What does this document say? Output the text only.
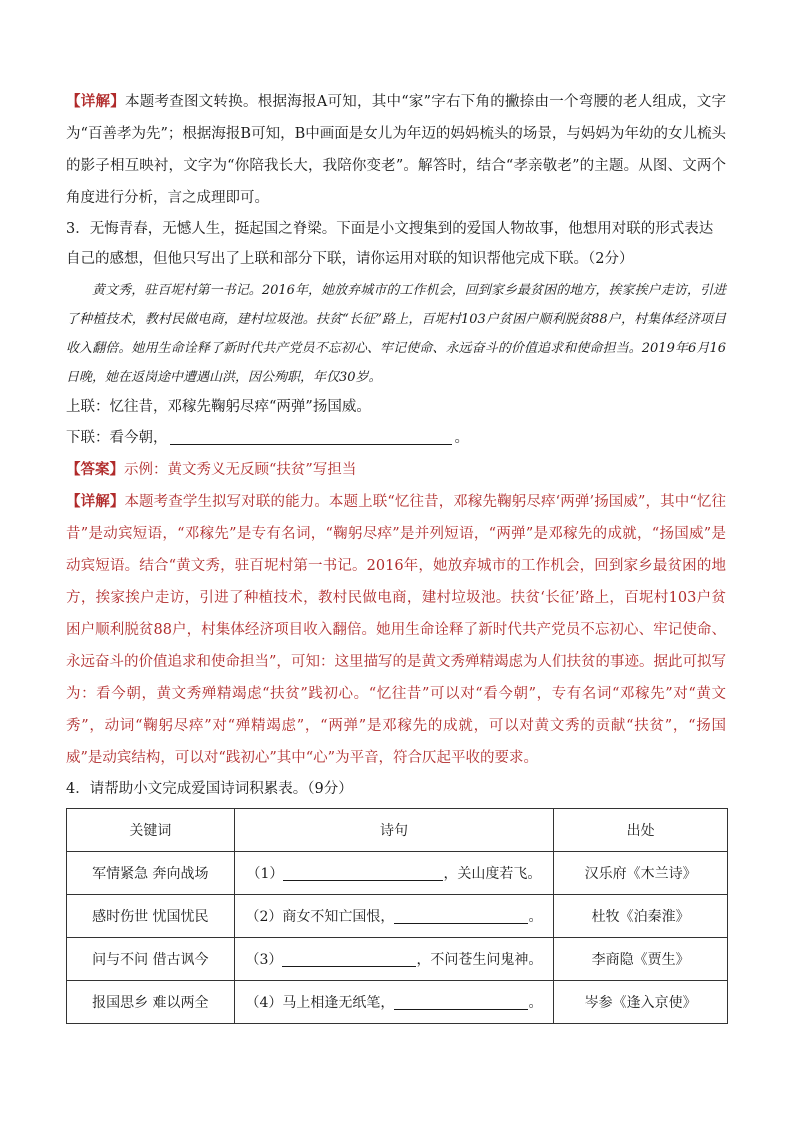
【详解】本题考查图文转换。根据海报A可知，其中“家”字右下角的撇捺由一个弯腰的老人组成，文字为“百善孝为先”；根据海报B可知，B中画面是女儿为年迈的妈妈梳头的场景，与妈妈为年幼的女儿梳头的影子相互映衬，文字为“你陪我长大，我陪你变老”。解答时，结合“孝亲敬老”的主题。从图、文两个角度进行分析，言之成理即可。

3．无悔青春，无憾人生，挺起国之脊梁。下面是小文搜集到的爱国人物故事，他想用对联的形式表达自己的感想，但他只写出了上联和部分下联，请你运用对联的知识帮他完成下联。（2分）

黄文秀，驻百坭村第一书记。2016年，她放弃城市的工作机会，回到家乡最贫困的地方，挨家挨户走访，引进了种植技术，教村民做电商，建村垃圾池。扶贫“长征”路上，百坭村103户贫困户顺利脱贫88户，村集体经济项目收入翻倍。她用生命诠释了新时代共产党员不忘初心、牢记使命、永远奋斗的价值追求和使命担当。2019年6月16日晚，她在返岗途中遭遇山洪，因公殉职，年仅30岁。

上联：忆往昔，邓稼先鞠躬尽瘁“两弹”扬国威。

下联：看今朝，	。

【答案】示例：黄文秀义无反顾“扶贫”写担当

【详解】本题考查学生拟写对联的能力。本题上联“忆往昔，邓稼先鞠躬尽瘁‘两弹’扬国威”，其中“忆往昔”是动宾短语，“邓稼先”是专有名词，“鞠躬尽瘁”是并列短语，“两弹”是邓稼先的成就，“扬国威”是动宾短语。结合“黄文秀，驻百坭村第一书记。2016年，她放弃城市的工作机会，回到家乡最贫困的地方，挨家挨户走访，引进了种植技术，教村民做电商，建村垃圾池。扶贫‘长征’路上，百坭村103户贫困户顺利脱贫88户，村集体经济项目收入翻倍。她用生命诠释了新时代共产党员不忘初心、牢记使命、永远奋斗的价值追求和使命担当”，可知：这里描写的是黄文秀殚精竭虑为人们扶贫的事迹。据此可拟写为：看今朝，黄文秀殚精竭虑“扶贫”践初心。“忆往昔”可以对“看今朝”，专有名词“邓稼先”对“黄文秀”，动词“鞠躬尽瘁”对“殚精竭虑”，“两弹”是邓稼先的成就，可以对黄文秀的贡献“扶贫”，“扬国威”是动宾结构，可以对“践初心”其中“心”为平音，符合仄起平收的要求。

4．请帮助小文完成爱国诗词积累表。（9分）

关键词	诗句	出处
军情紧急 奔向战场	（1） ，关山度若飞。	汉乐府《木兰诗》
感时伤世 忧国忧民	（2）商女不知亡国恨， 。	杜牧《泊秦淮》
问与不问 借古讽今	（3） ，不问苍生问鬼神。	李商隐《贾生》
报国思乡 难以两全	（4）马上相逢无纸笔， 。	岑参《逢入京使》
